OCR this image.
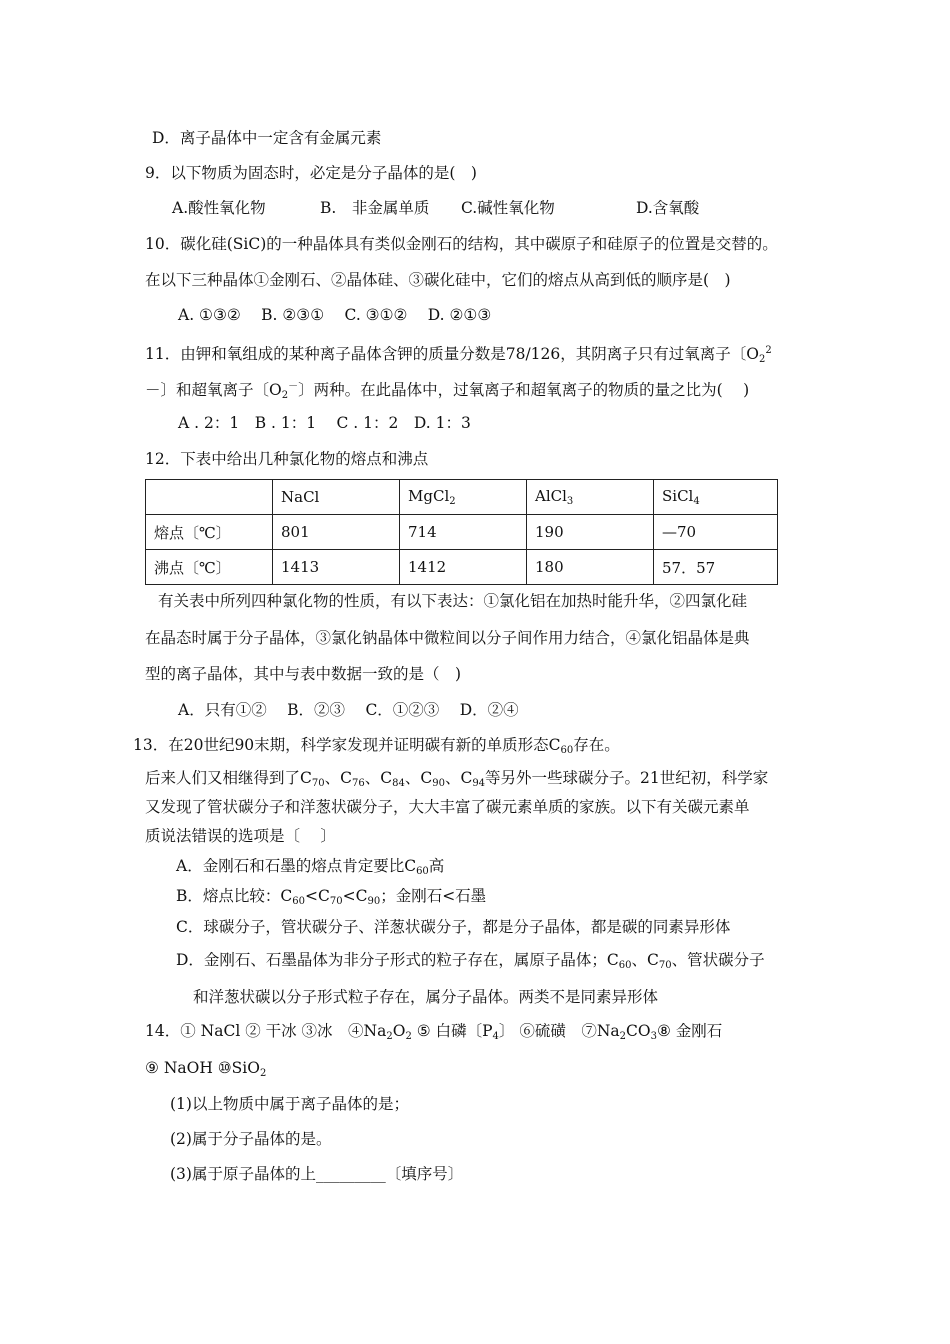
D．离子晶体中一定含有金属元素
9．以下物质为固态时，必定是分子晶体的是(　)
A.酸性氧化物	B.　非金属单质 C.碱性氧化物	D.含氧酸
10．碳化硅(SiC)的一种晶体具有类似金刚石的结构，其中碳原子和硅原子的位置是交替的。
在以下三种晶体①金刚石、②晶体硅、③碳化硅中，它们的熔点从高到低的顺序是(　)
A. ①③②　 B. ②③①　 C. ③①②　 D. ②①③
11．由钾和氧组成的某种离子晶体含钾的质量分数是78/126，其阴离子只有过氧离子〔$O_2^2$
－〕和超氧离子〔$O_2^-$〕两种。在此晶体中，过氧离子和超氧离子的物质的量之比为(　 )
A . 2：1　B . 1：1　 C . 1：2　D. 1：3
12．下表中给出几种氯化物的熔点和沸点
	NaCl	MgCl$_2$	AlCl$_3$	SiCl$_4$
熔点〔℃〕	801	714	190	—70
沸点〔℃〕	1413	1412	180	57．57
有关表中所列四种氯化物的性质，有以下表达：①氯化铝在加热时能升华，②四氯化硅
在晶态时属于分子晶体，③氯化钠晶体中微粒间以分子间作用力结合，④氯化铝晶体是典
型的离子晶体，其中与表中数据一致的是（　)
A．只有①②　 B．②③　 C．①②③　 D．②④
13．在20世纪90末期，科学家发现并证明碳有新的单质形态$C_{60}$存在。
后来人们又相继得到了$C_{70}$、$C_{76}$、$C_{84}$、$C_{90}$、$C_{94}$等另外一些球碳分子。21世纪初，科学家
又发现了管状碳分子和洋葱状碳分子，大大丰富了碳元素单质的家族。以下有关碳元素单
质说法错误的选项是〔　 〕
A．金刚石和石墨的熔点肯定要比$C_{60}$高
B．熔点比较：$C_{60}<C_{70}<C_{90}$；金刚石<石墨
C．球碳分子，管状碳分子、洋葱状碳分子，都是分子晶体，都是碳的同素异形体
D．金刚石、石墨晶体为非分子形式的粒子存在，属原子晶体；$C_{60}$、$C_{70}$、管状碳分子
和洋葱状碳以分子形式粒子存在，属分子晶体。两类不是同素异形体
14．① NaCl ② 干冰 ③冰　$④Na_2O_2$ ⑤ 白磷〔$P_4$〕 ⑥硫磺　$⑦Na_2CO_3⑧$ 金刚石
⑨ NaOH ⑩SiO$_2$
(1)以上物质中属于离子晶体的是；
(2)属于分子晶体的是。
(3)属于原子晶体的上_________〔填序号〕
